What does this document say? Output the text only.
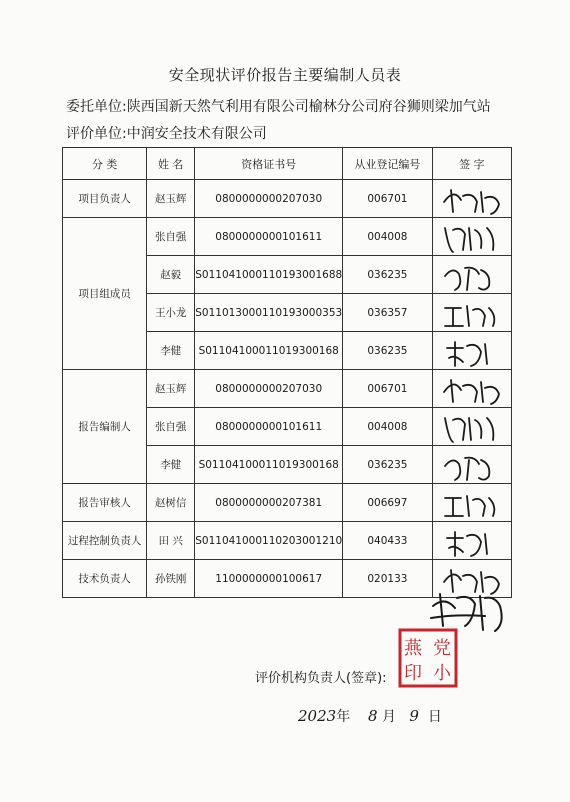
安全现状评价报告主要编制人员表
委托单位:陕西国新天然气利用有限公司榆林分公司府谷狮则梁加气站
评价单位:中润安全技术有限公司
分 类	姓 名	资格证书号	从业登记编号	签 字
项目负责人	赵玉辉	0800000000207030	006701	

项目组成员	张自强	0800000000101611	004008	

	赵毅	S011041000110193001688	036235	

	王小龙	S011013000110193000353	036357	

	李健	S01104100011019300168	036235	

报告编制人	赵玉辉	0800000000207030	006701	

	张自强	0800000000101611	004008	

	李健	S01104100011019300168	036235	

报告审核人	赵树信	0800000000207381	006697	

过程控制负责人	田 兴	S011041000110203001210	040433	

技术负责人	孙铁刚	1100000000100617	020133	
评价机构负责人(签章):
2023年 8 月 9 日
燕 党
印 小
